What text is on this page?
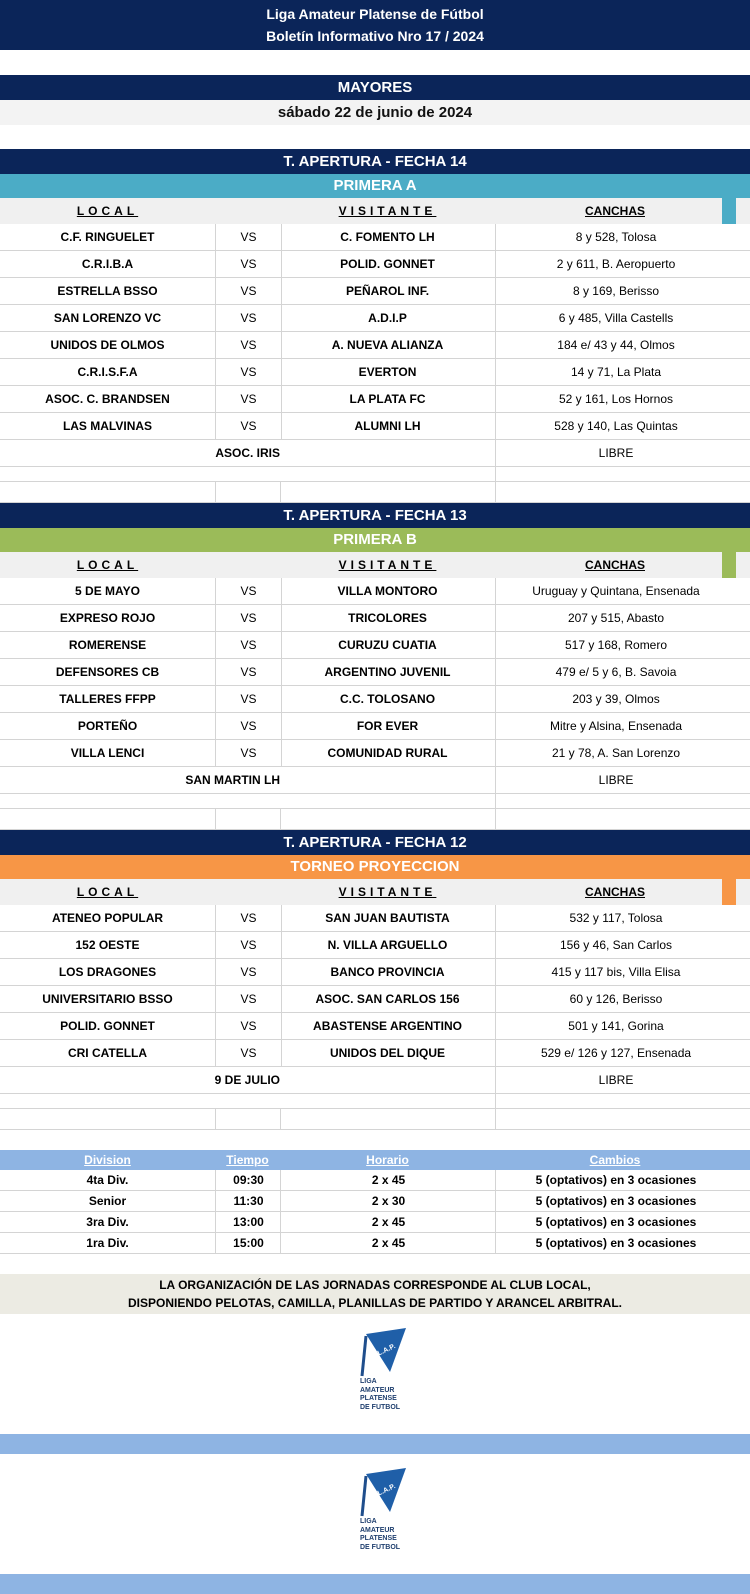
Liga Amateur Platense de Fútbol
Boletín Informativo Nro 17 / 2024
MAYORES
sábado 22 de junio de 2024
T. APERTURA - FECHA 14
PRIMERA A
LOCAL	VISITANTE	CANCHAS
C.F. RINGUELET	VS	C. FOMENTO LH	8 y 528, Tolosa
C.R.I.B.A	VS	POLID. GONNET	2 y 611, B. Aeropuerto
ESTRELLA BSSO	VS	PEÑAROL INF.	8 y 169, Berisso
SAN LORENZO VC	VS	A.D.I.P	6 y 485, Villa Castells
UNIDOS DE OLMOS	VS	A. NUEVA ALIANZA	184 e/ 43 y 44, Olmos
C.R.I.S.F.A	VS	EVERTON	14 y 71, La Plata
ASOC. C. BRANDSEN	VS	LA PLATA FC	52 y 161, Los Hornos
LAS MALVINAS	VS	ALUMNI LH	528 y 140, Las Quintas
ASOC. IRIS	LIBRE
T. APERTURA - FECHA 13
PRIMERA B
LOCAL	VISITANTE	CANCHAS
5 DE MAYO	VS	VILLA MONTORO	Uruguay y Quintana, Ensenada
EXPRESO ROJO	VS	TRICOLORES	207 y 515, Abasto
ROMERENSE	VS	CURUZU CUATIA	517 y 168, Romero
DEFENSORES CB	VS	ARGENTINO JUVENIL	479 e/ 5 y 6, B. Savoia
TALLERES FFPP	VS	C.C. TOLOSANO	203 y 39, Olmos
PORTEÑO	VS	FOR EVER	Mitre y Alsina, Ensenada
VILLA LENCI	VS	COMUNIDAD RURAL	21 y 78, A. San Lorenzo
SAN MARTIN LH	LIBRE
T. APERTURA - FECHA 12
TORNEO PROYECCION
LOCAL	VISITANTE	CANCHAS
ATENEO POPULAR	VS	SAN JUAN BAUTISTA	532 y 117, Tolosa
152 OESTE	VS	N. VILLA ARGUELLO	156 y 46, San Carlos
LOS DRAGONES	VS	BANCO PROVINCIA	415 y 117 bis, Villa Elisa
UNIVERSITARIO BSSO	VS	ASOC. SAN CARLOS 156	60 y 126, Berisso
POLID. GONNET	VS	ABASTENSE ARGENTINO	501 y 141, Gorina
CRI CATELLA	VS	UNIDOS DEL DIQUE	529 e/ 126 y 127, Ensenada
9 DE JULIO	LIBRE
Division	Tiempo	Horario	Cambios
4ta Div.	09:30	2 x 45	5 (optativos) en 3 ocasiones
Senior	11:30	2 x 30	5 (optativos) en 3 ocasiones
3ra Div.	13:00	2 x 45	5 (optativos) en 3 ocasiones
1ra Div.	15:00	2 x 45	5 (optativos) en 3 ocasiones
LA ORGANIZACIÓN DE LAS JORNADAS CORRESPONDE AL CLUB LOCAL,
DISPONIENDO PELOTAS, CAMILLA, PLANILLAS DE PARTIDO Y ARANCEL ARBITRAL.
L.A.P.
LIGA
AMATEUR
PLATENSE
DE FUTBOL
L.A.P.
LIGA
AMATEUR
PLATENSE
DE FUTBOL
